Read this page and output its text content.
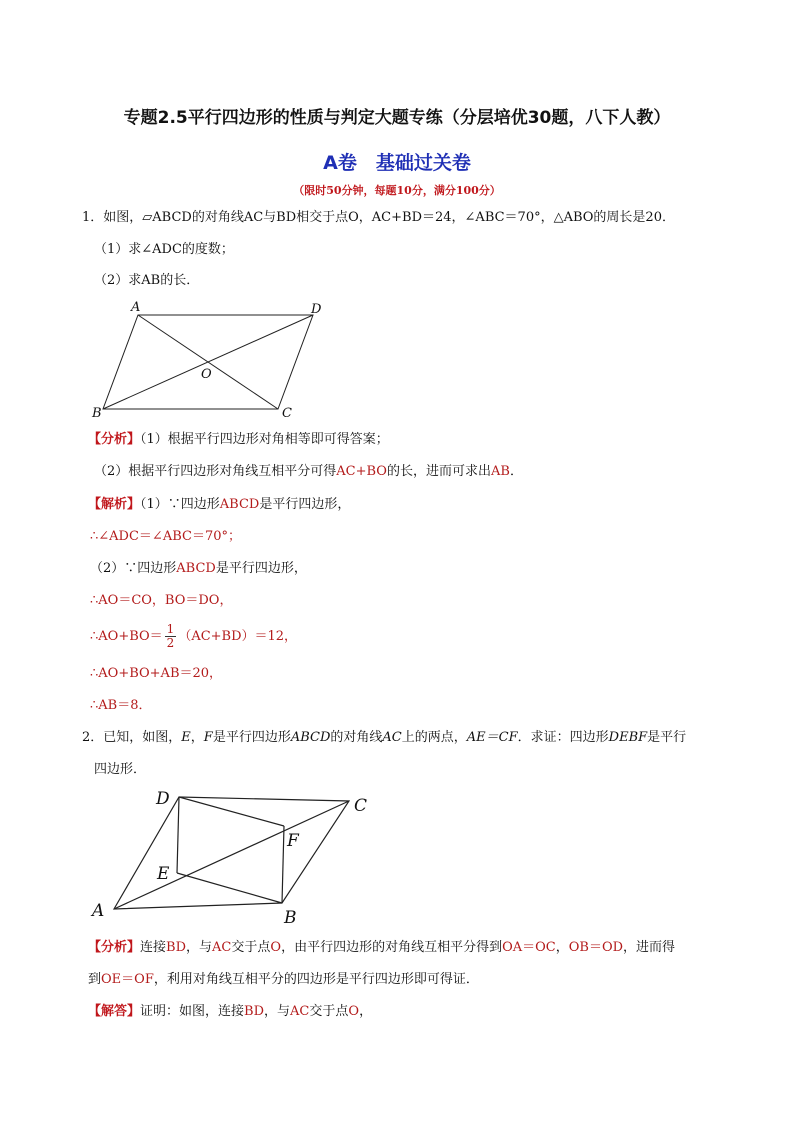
专题2.5平行四边形的性质与判定大题专练（分层培优30题，八下人教）
A卷　基础过关卷
（限时50分钟，每题10分，满分100分）
1．如图，▱ABCD的对角线AC与BD相交于点O，AC+BD＝24，∠ABC＝70°，△ABO的周长是20．
（1）求∠ADC的度数；
（2）求AB的长．
A	D
O
B	C
【分析】（1）根据平行四边形对角相等即可得答案；
（2）根据平行四边形对角线互相平分可得AC+BO的长，进而可求出AB．
【解析】（1）∵四边形ABCD是平行四边形，
∴∠ADC＝∠ABC＝70°；
（2）∵四边形ABCD是平行四边形，
∴AO＝CO，BO＝DO，
∴AO+BO＝ $\frac{1}{2} (AC+BD)=12$，
∴AO+BO+AB＝20，
∴AB＝8．
2．已知，如图，E，F是平行四边形ABCD的对角线AC上的两点，AE＝CF．求证：四边形DEBF是平行
四边形．
D	C
F
E
A	B
【分析】连接BD，与AC交于点O，由平行四边形的对角线互相平分得到OA＝OC，OB＝OD，进而得
到OE＝OF，利用对角线互相平分的四边形是平行四边形即可得证．
【解答】证明：如图，连接BD，与AC交于点O，
